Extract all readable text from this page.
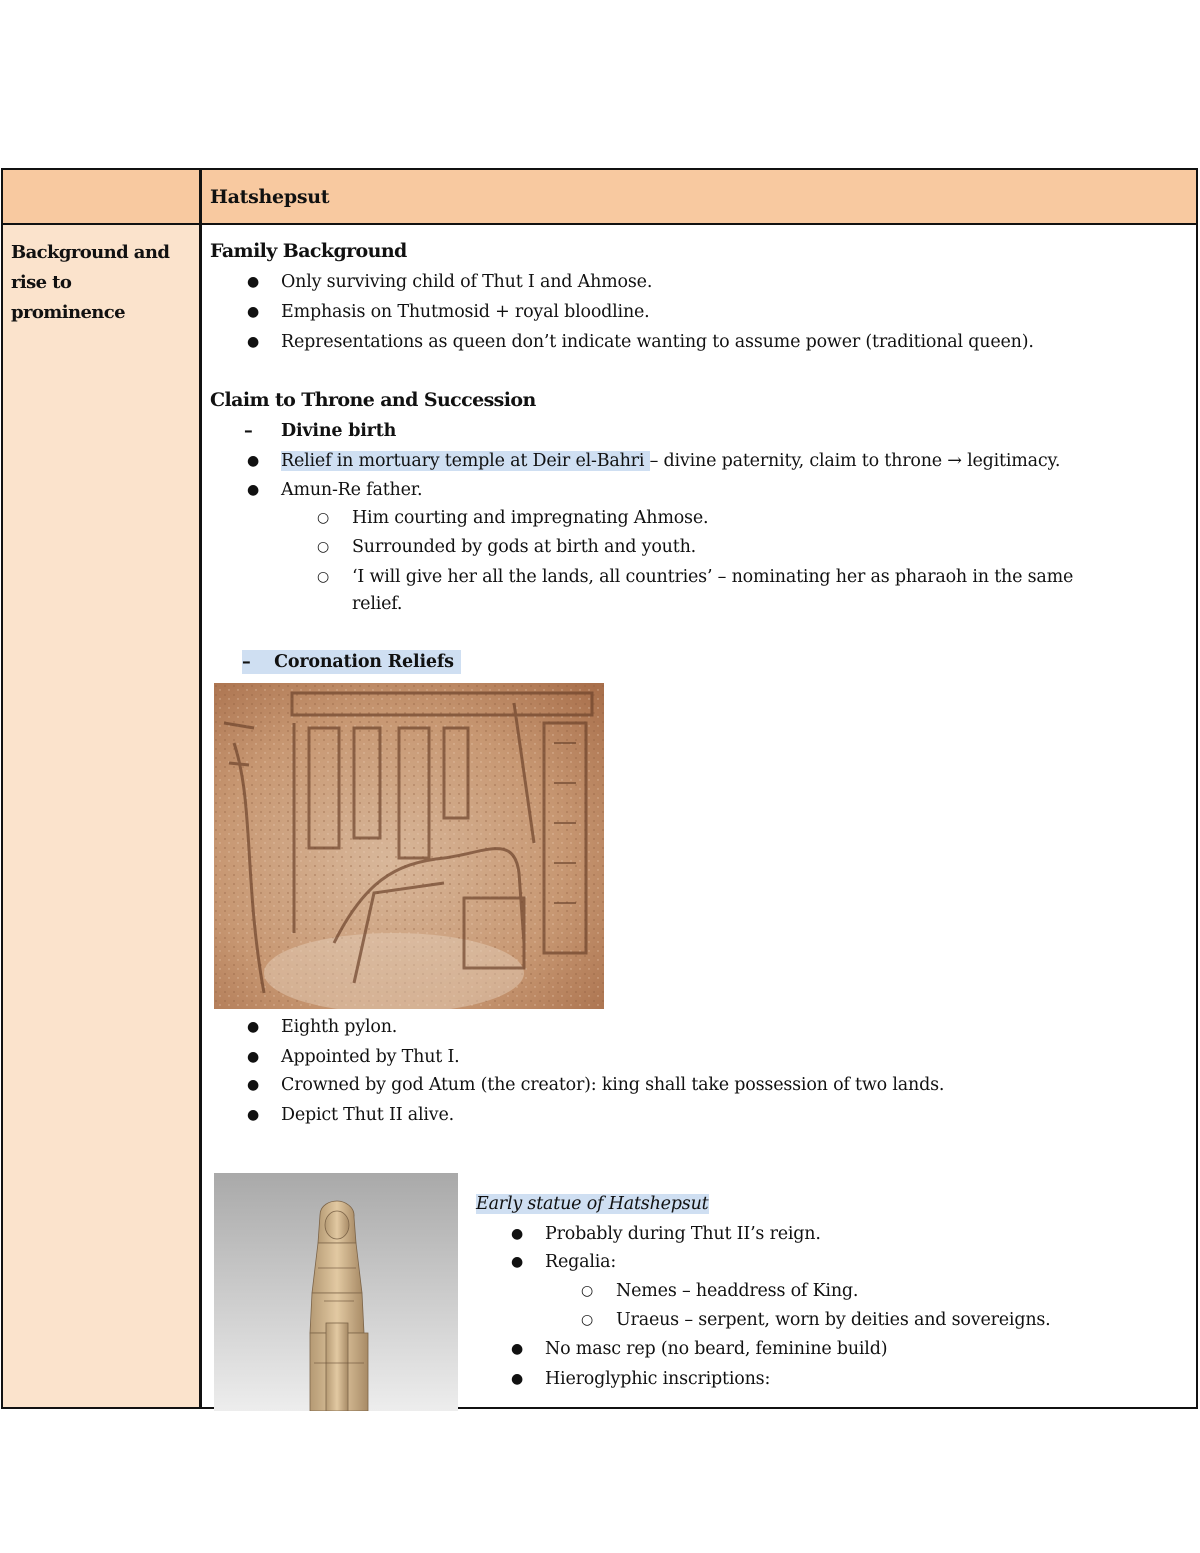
Hatshepsut
Background and
rise to
prominence
Family Background
● Only surviving child of Thut I and Ahmose.
● Emphasis on Thutmosid + royal bloodline.
● Representations as queen don’t indicate wanting to assume power (traditional queen).
Claim to Throne and Succession
– Divine birth
● Relief in mortuary temple at Deir el-Bahri – divine paternity, claim to throne → legitimacy.
● Amun-Re father.
○ Him courting and impregnating Ahmose.
○ Surrounded by gods at birth and youth.
○ ‘I will give her all the lands, all countries’ – nominating her as pharaoh in the same
relief.
– Coronation Reliefs
● Eighth pylon.
● Appointed by Thut I.
● Crowned by god Atum (the creator): king shall take possession of two lands.
● Depict Thut II alive.
Early statue of Hatshepsut
● Probably during Thut II’s reign.
● Regalia:
○ Nemes – headdress of King.
○ Uraeus – serpent, worn by deities and sovereigns.
● No masc rep (no beard, feminine build)
● Hieroglyphic inscriptions:
